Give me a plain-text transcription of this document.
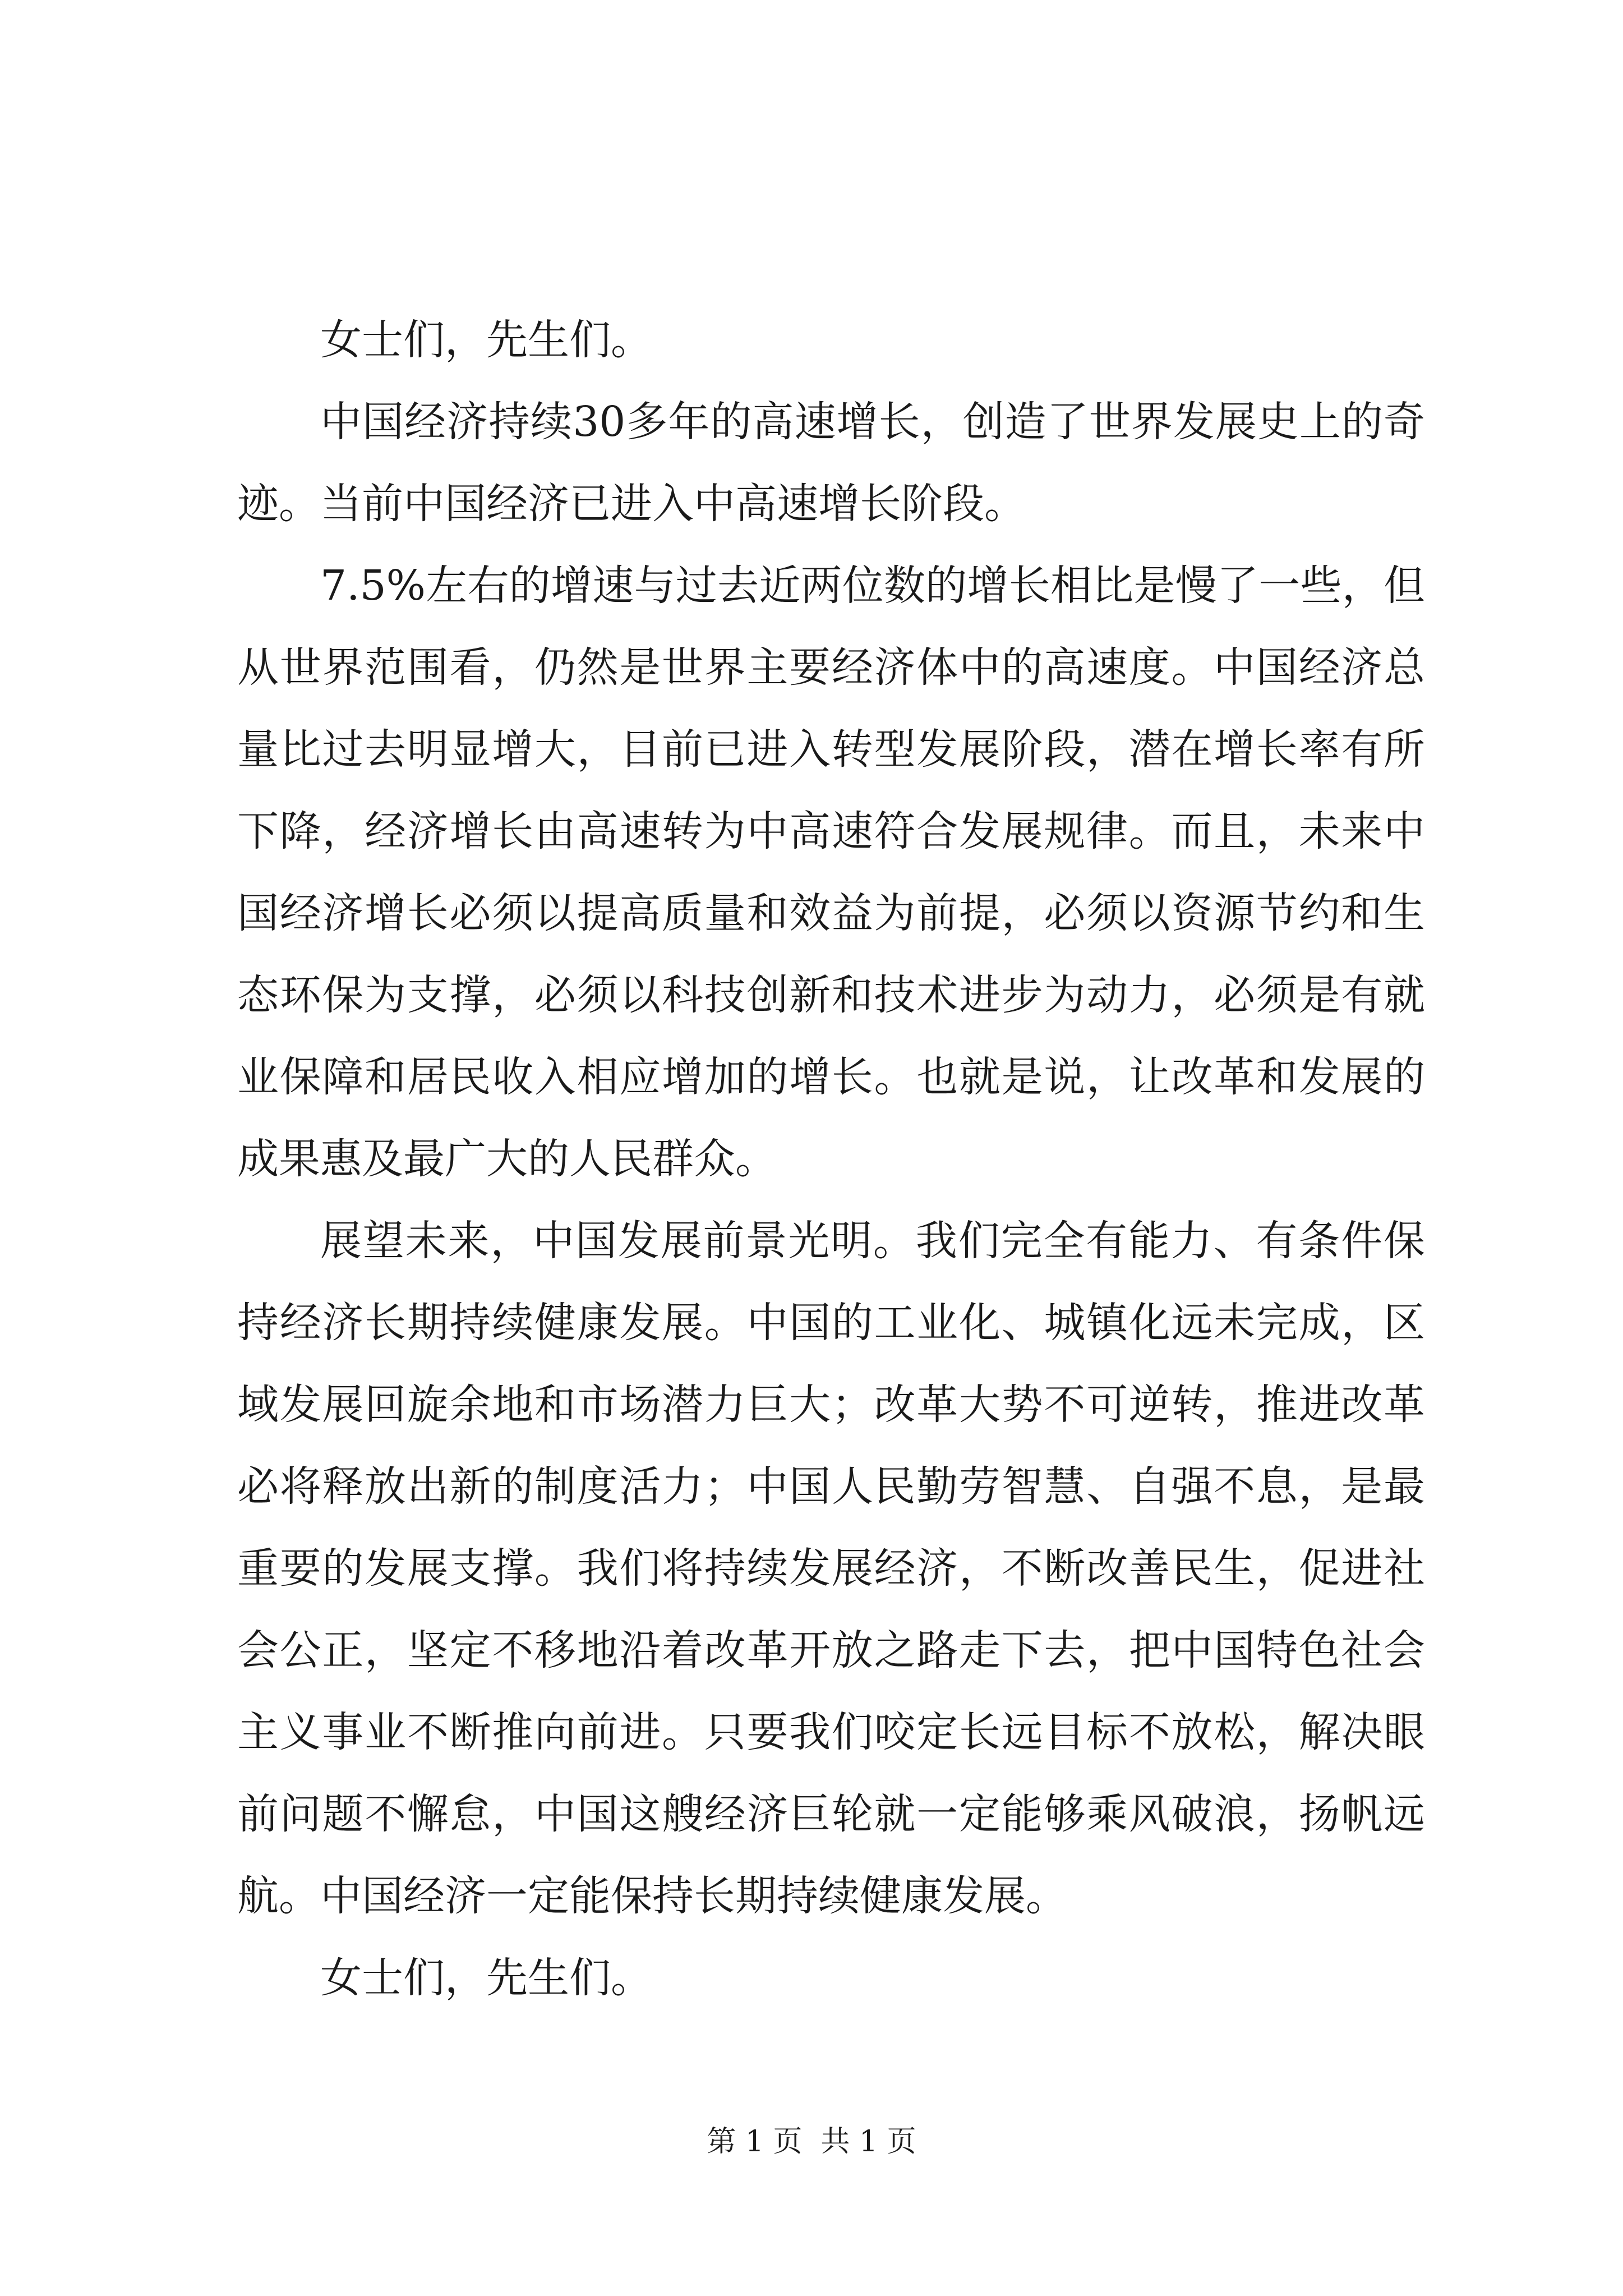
女士们，先生们。

中国经济持续30多年的高速增长，创造了世界发展史上的奇迹。当前中国经济已进入中高速增长阶段。

7.5%左右的增速与过去近两位数的增长相比是慢了一些，但从世界范围看，仍然是世界主要经济体中的高速度。中国经济总量比过去明显增大，目前已进入转型发展阶段，潜在增长率有所下降，经济增长由高速转为中高速符合发展规律。而且，未来中国经济增长必须以提高质量和效益为前提，必须以资源节约和生态环保为支撑，必须以科技创新和技术进步为动力，必须是有就业保障和居民收入相应增加的增长。也就是说，让改革和发展的成果惠及最广大的人民群众。

展望未来，中国发展前景光明。我们完全有能力、有条件保持经济长期持续健康发展。中国的工业化、城镇化远未完成，区域发展回旋余地和市场潜力巨大；改革大势不可逆转，推进改革必将释放出新的制度活力；中国人民勤劳智慧、自强不息，是最重要的发展支撑。我们将持续发展经济，不断改善民生，促进社会公正，坚定不移地沿着改革开放之路走下去，把中国特色社会主义事业不断推向前进。只要我们咬定长远目标不放松，解决眼前问题不懈怠，中国这艘经济巨轮就一定能够乘风破浪，扬帆远航。中国经济一定能保持长期持续健康发展。

女士们，先生们。

第 1 页  共 1 页
